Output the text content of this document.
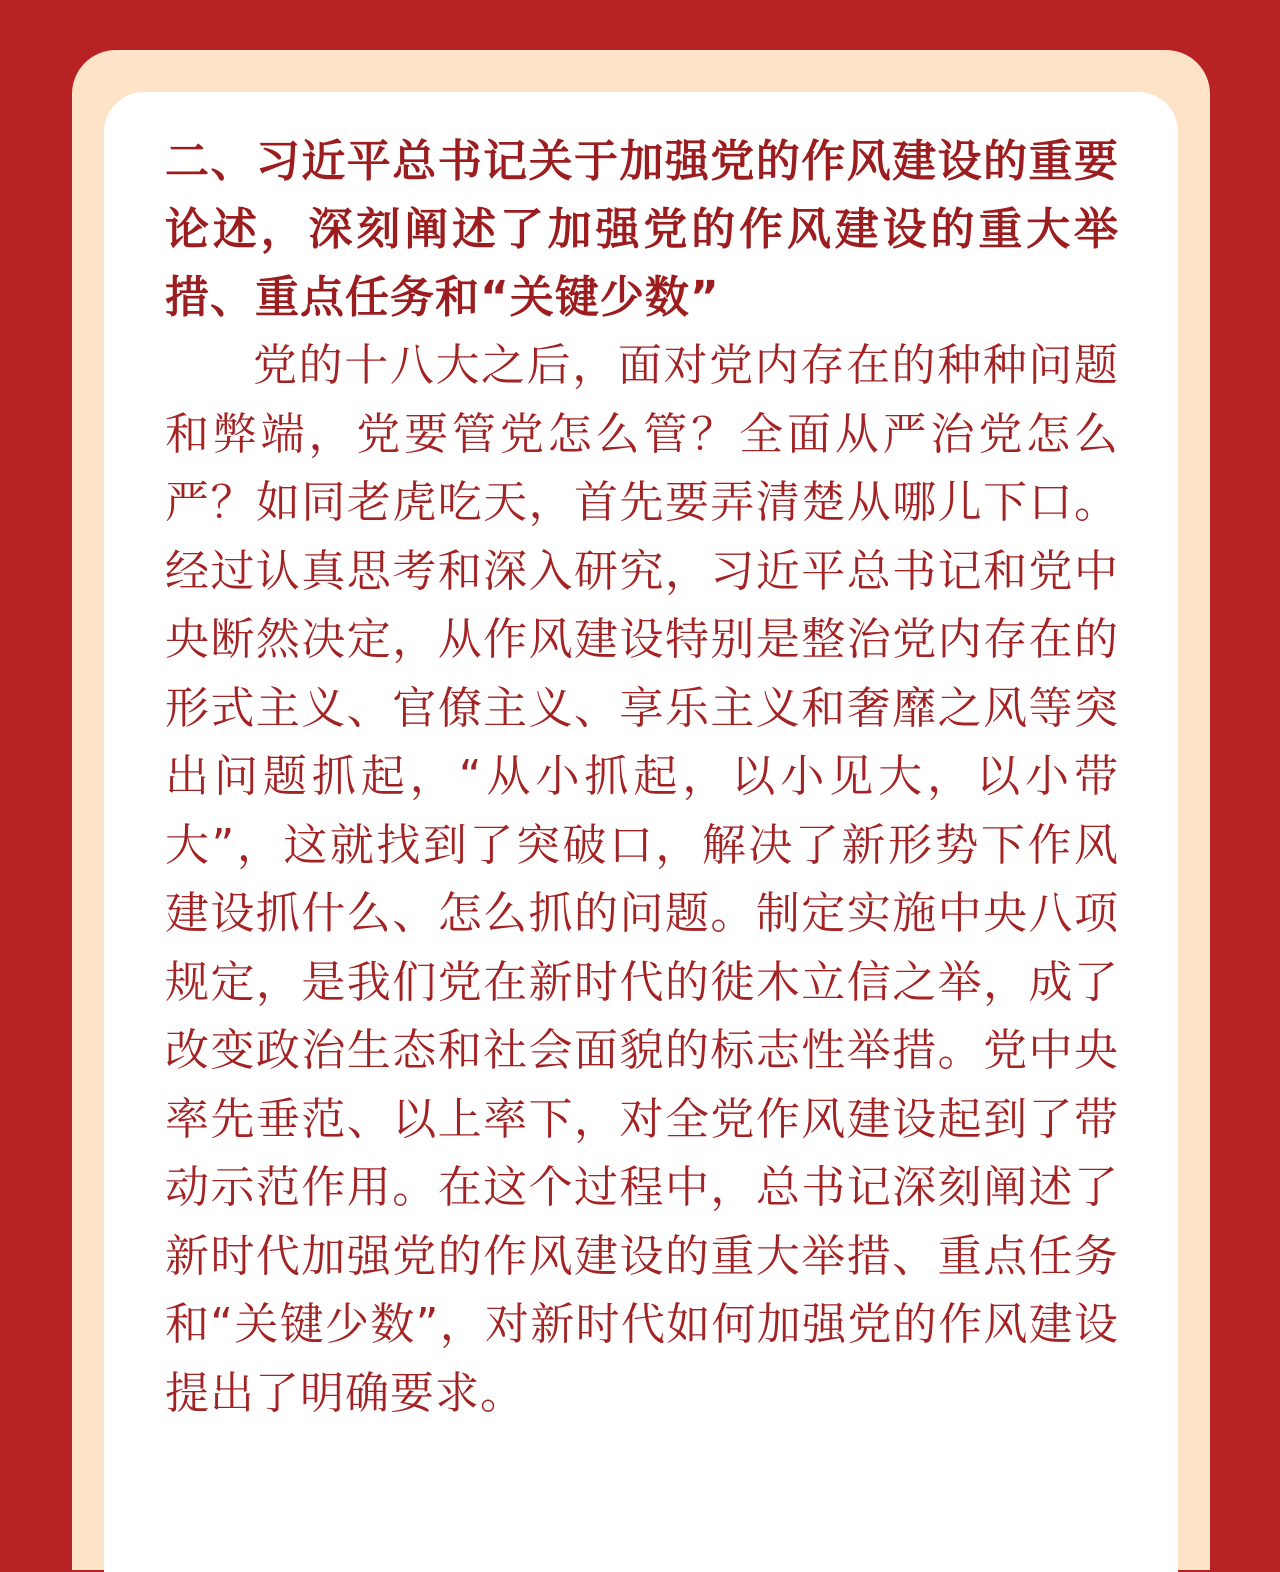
二、习近平总书记关于加强党的作风建设的重要论述，深刻阐述了加强党的作风建设的重大举措、重点任务和“关键少数”

党的十八大之后，面对党内存在的种种问题和弊端，党要管党怎么管？全面从严治党怎么严？如同老虎吃天，首先要弄清楚从哪儿下口。经过认真思考和深入研究，习近平总书记和党中央断然决定，从作风建设特别是整治党内存在的形式主义、官僚主义、享乐主义和奢靡之风等突出问题抓起，“从小抓起，以小见大，以小带大”，这就找到了突破口，解决了新形势下作风建设抓什么、怎么抓的问题。制定实施中央八项规定，是我们党在新时代的徙木立信之举，成了改变政治生态和社会面貌的标志性举措。党中央率先垂范、以上率下，对全党作风建设起到了带动示范作用。在这个过程中，总书记深刻阐述了新时代加强党的作风建设的重大举措、重点任务和“关键少数”，对新时代如何加强党的作风建设提出了明确要求。
